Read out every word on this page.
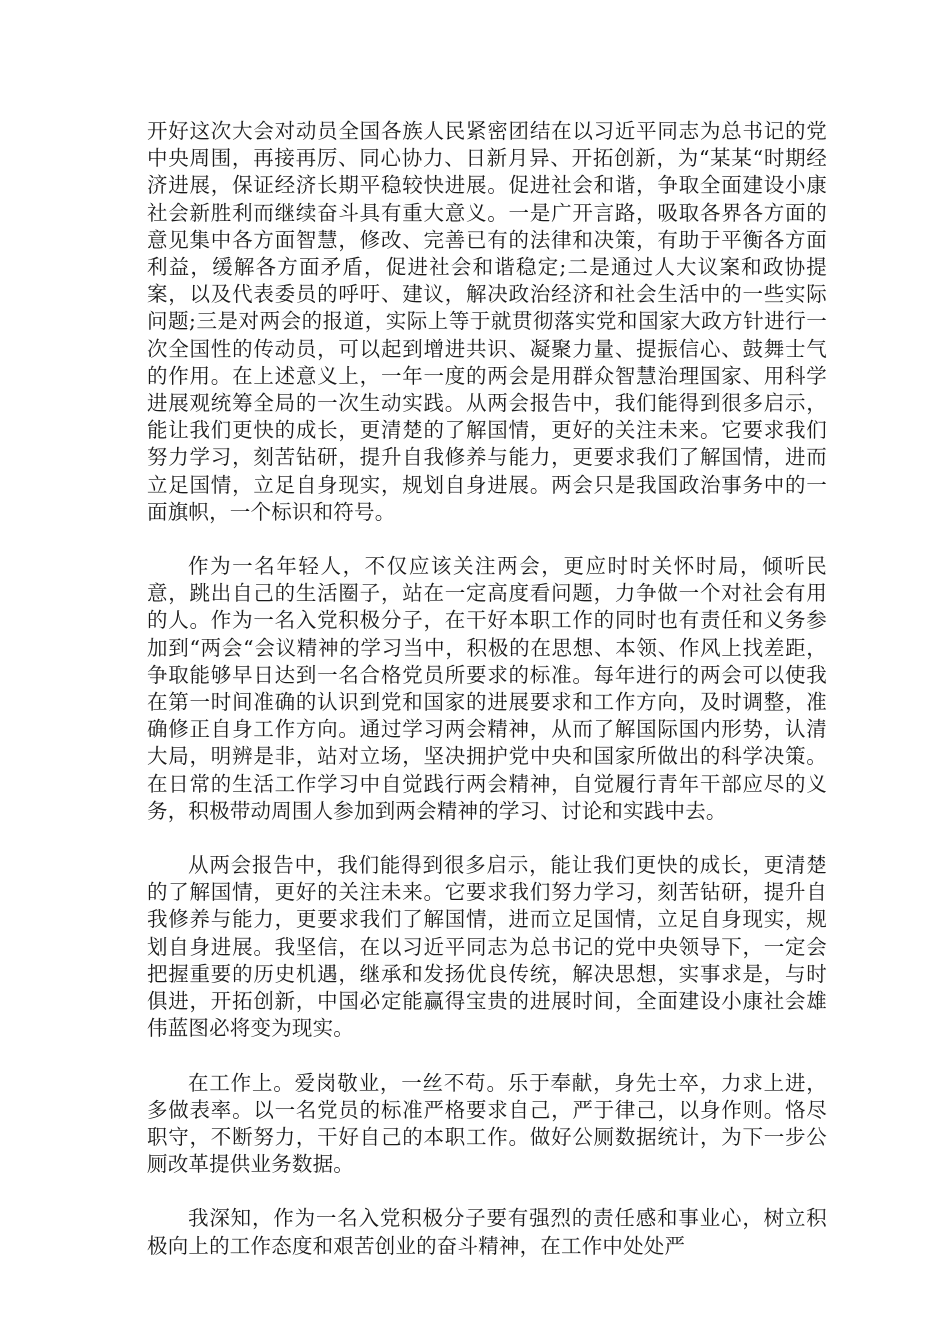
开好这次大会对动员全国各族人民紧密团结在以习近平同志为总书记的党中央周围，再接再厉、同心协力、日新月异、开拓创新，为“某某“时期经济进展，保证经济长期平稳较快进展。促进社会和谐，争取全面建设小康社会新胜利而继续奋斗具有重大意义。一是广开言路，吸取各界各方面的意见集中各方面智慧，修改、完善已有的法律和决策，有助于平衡各方面利益，缓解各方面矛盾，促进社会和谐稳定;二是通过人大议案和政协提案，以及代表委员的呼吁、建议，解决政治经济和社会生活中的一些实际问题;三是对两会的报道，实际上等于就贯彻落实党和国家大政方针进行一次全国性的传动员，可以起到增进共识、凝聚力量、提振信心、鼓舞士气的作用。在上述意义上，一年一度的两会是用群众智慧治理国家、用科学进展观统筹全局的一次生动实践。从两会报告中，我们能得到很多启示，能让我们更快的成长，更清楚的了解国情，更好的关注未来。它要求我们努力学习，刻苦钻研，提升自我修养与能力，更要求我们了解国情，进而立足国情，立足自身现实，规划自身进展。两会只是我国政治事务中的一面旗帜，一个标识和符号。

作为一名年轻人，不仅应该关注两会，更应时时关怀时局，倾听民意，跳出自己的生活圈子，站在一定高度看问题，力争做一个对社会有用的人。作为一名入党积极分子，在干好本职工作的同时也有责任和义务参加到“两会“会议精神的学习当中，积极的在思想、本领、作风上找差距，争取能够早日达到一名合格党员所要求的标准。每年进行的两会可以使我在第一时间准确的认识到党和国家的进展要求和工作方向，及时调整，准确修正自身工作方向。通过学习两会精神，从而了解国际国内形势，认清大局，明辨是非，站对立场，坚决拥护党中央和国家所做出的科学决策。在日常的生活工作学习中自觉践行两会精神，自觉履行青年干部应尽的义务，积极带动周围人参加到两会精神的学习、讨论和实践中去。

从两会报告中，我们能得到很多启示，能让我们更快的成长，更清楚的了解国情，更好的关注未来。它要求我们努力学习，刻苦钻研，提升自我修养与能力，更要求我们了解国情，进而立足国情，立足自身现实，规划自身进展。我坚信，在以习近平同志为总书记的党中央领导下，一定会把握重要的历史机遇，继承和发扬优良传统，解决思想，实事求是，与时俱进，开拓创新，中国必定能赢得宝贵的进展时间，全面建设小康社会雄伟蓝图必将变为现实。

在工作上。爱岗敬业，一丝不苟。乐于奉献，身先士卒，力求上进，多做表率。以一名党员的标准严格要求自己，严于律己，以身作则。恪尽职守，不断努力，干好自己的本职工作。做好公厕数据统计，为下一步公厕改革提供业务数据。

我深知，作为一名入党积极分子要有强烈的责任感和事业心，树立积极向上的工作态度和艰苦创业的奋斗精神，在工作中处处严
